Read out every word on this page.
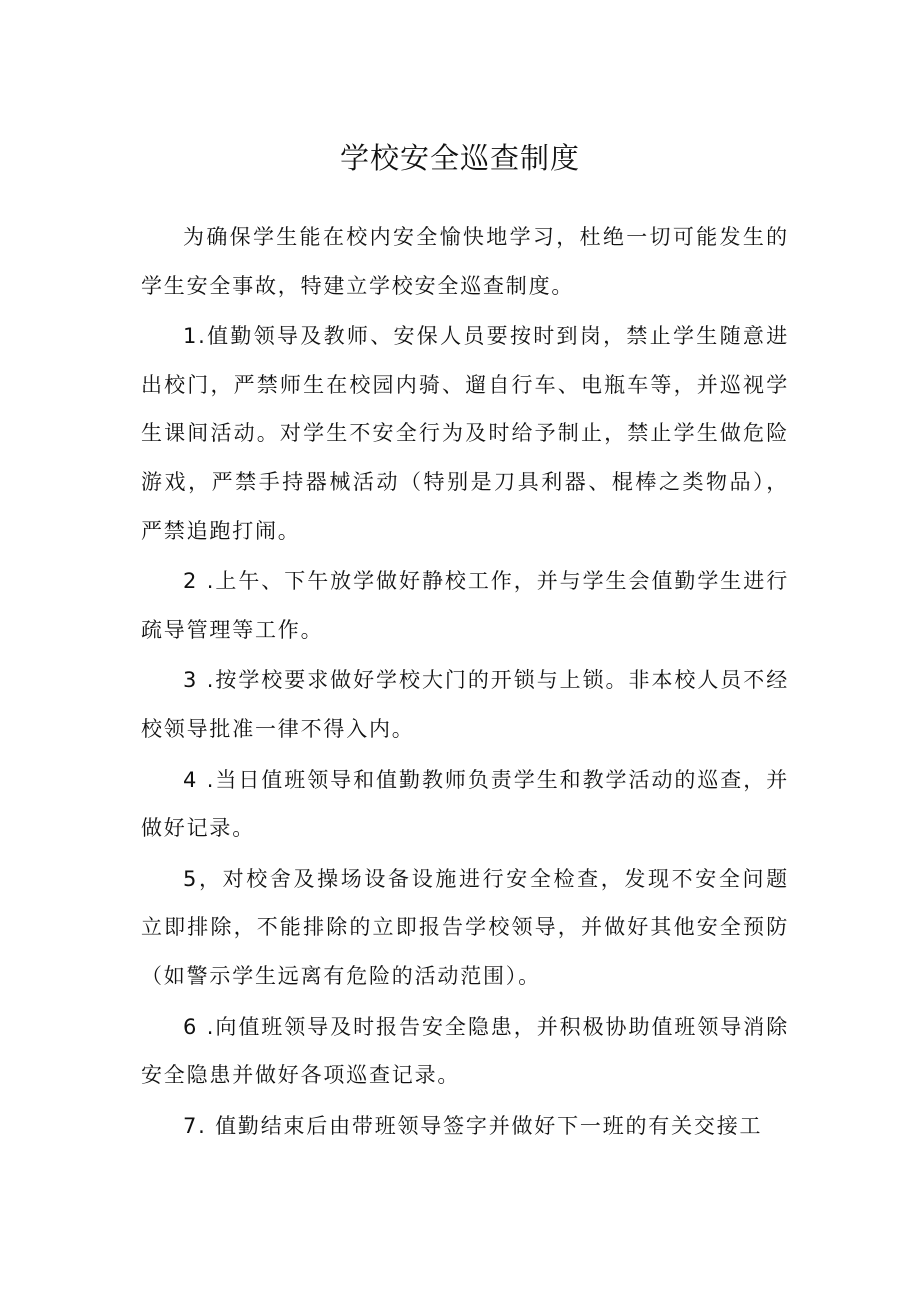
学校安全巡查制度

为确保学生能在校内安全愉快地学习，杜绝一切可能发生的学生安全事故，特建立学校安全巡查制度。

1.值勤领导及教师、安保人员要按时到岗，禁止学生随意进出校门，严禁师生在校园内骑、遛自行车、电瓶车等，并巡视学生课间活动。对学生不安全行为及时给予制止，禁止学生做危险游戏，严禁手持器械活动（特别是刀具利器、棍棒之类物品），严禁追跑打闹。

2 .上午、下午放学做好静校工作，并与学生会值勤学生进行疏导管理等工作。

3 .按学校要求做好学校大门的开锁与上锁。非本校人员不经校领导批准一律不得入内。

4 .当日值班领导和值勤教师负责学生和教学活动的巡查，并做好记录。

5，对校舍及操场设备设施进行安全检查，发现不安全问题立即排除，不能排除的立即报告学校领导，并做好其他安全预防（如警示学生远离有危险的活动范围）。

6 .向值班领导及时报告安全隐患，并积极协助值班领导消除安全隐患并做好各项巡查记录。

7. 值勤结束后由带班领导签字并做好下一班的有关交接工
